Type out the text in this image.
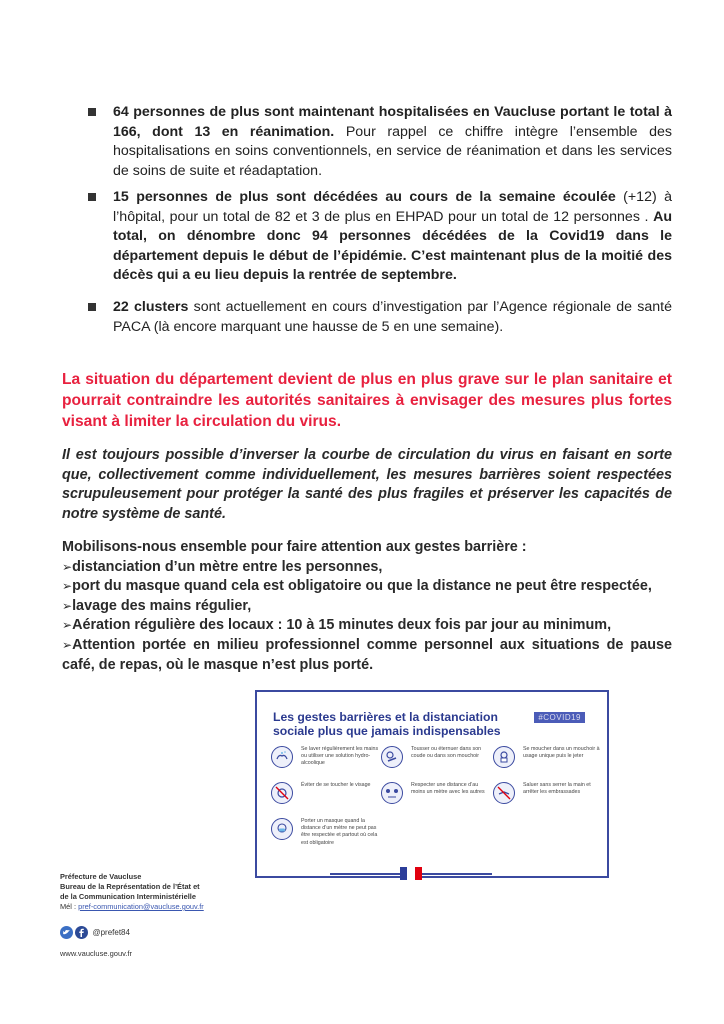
64 personnes de plus sont maintenant hospitalisées en Vaucluse portant le total à 166, dont 13 en réanimation. Pour rappel ce chiffre intègre l’ensemble des hospitalisations en soins conventionnels, en service de réanimation et dans les services de soins de suite et réadaptation.
15 personnes de plus sont décédées au cours de la semaine écoulée (+12) à l’hôpital, pour un total de 82 et 3 de plus en EHPAD pour un total de 12 personnes . Au total, on dénombre donc 94 personnes décédées de la Covid19 dans le département depuis le début de l’épidémie. C’est maintenant plus de la moitié des décès qui a eu lieu depuis la rentrée de septembre.
22 clusters sont actuellement en cours d’investigation par l’Agence régionale de santé PACA (là encore marquant une hausse de 5 en une semaine).
La situation du département devient de plus en plus grave sur le plan sanitaire et pourrait contraindre les autorités sanitaires à envisager des mesures plus fortes visant à limiter la circulation du virus.
Il est toujours possible d’inverser la courbe de circulation du virus en faisant en sorte que, collectivement comme individuellement, les mesures barrières soient respectées scrupuleusement pour protéger la santé des plus fragiles et préserver les capacités de notre système de santé.
Mobilisons-nous ensemble pour faire attention aux gestes barrière :
➢distanciation d’un mètre entre les personnes,
➢port du masque quand cela est obligatoire ou que la distance ne peut être respectée,
➢lavage des mains régulier,
➢Aération régulière des locaux : 10 à 15 minutes deux fois par jour au minimum,
➢Attention portée en milieu professionnel comme personnel aux situations de pause café, de repas, où le masque n’est plus porté.
Les gestes barrières et la distanciation sociale plus que jamais indispensables
#COVID19
Se laver régulièrement les mains ou utiliser une solution hydro-alcoolique
Tousser ou éternuer dans son coude ou dans son mouchoir
Se moucher dans un mouchoir à usage unique puis le jeter
Éviter de se toucher le visage	Respecter une distance d’au moins un mètre avec les autres
Saluer sans serrer la main et arrêter les embrassades
Porter un masque quand la distance d’un mètre ne peut pas être respectée et partout où cela est obligatoire
Préfecture de Vaucluse
Bureau de la Représentation de l’État et
de la Communication Interministérielle
Mél : pref-communication@vaucluse.gouv.fr
@prefet84
www.vaucluse.gouv.fr
